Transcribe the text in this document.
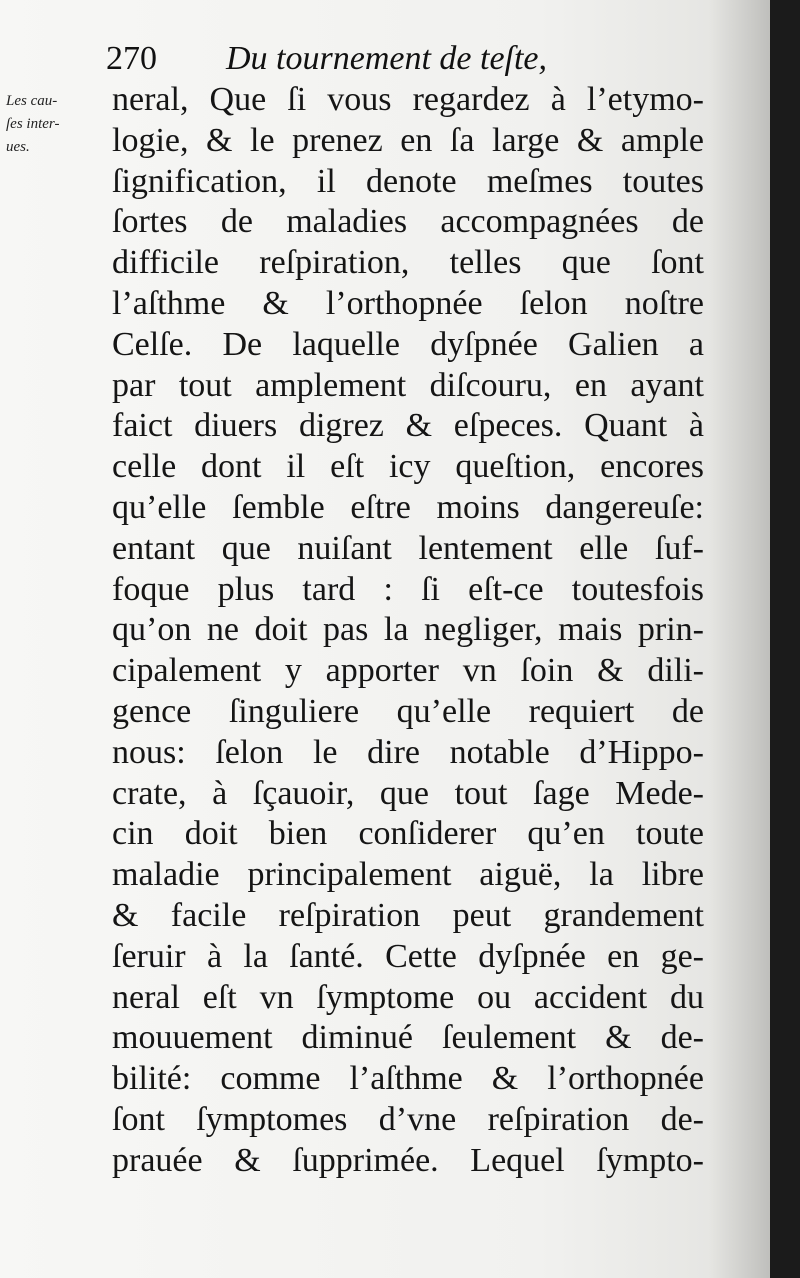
270 Du tournement de teſte,
Les cau-
ſes inter-
ues.
neral, Que ſi vous regardez à l’etymo-
logie, & le prenez en ſa large & ample
ſignification, il denote meſmes toutes
ſortes de maladies accompagnées de
difficile reſpiration, telles que ſont
l’aſthme & l’orthopnée ſelon noſtre
Celſe. De laquelle dyſpnée Galien a
par tout amplement diſcouru, en ayant
faict diuers digrez & eſpeces. Quant à
celle dont il eſt icy queſtion, encores
qu’elle ſemble eſtre moins dangereuſe:
entant que nuiſant lentement elle ſuf-
foque plus tard : ſi eſt-ce toutesfois
qu’on ne doit pas la negliger, mais prin-
cipalement y apporter vn ſoin & dili-
gence ſinguliere qu’elle requiert de
nous: ſelon le dire notable d’Hippo-
crate, à ſçauoir, que tout ſage Mede-
cin doit bien conſiderer qu’en toute
maladie principalement aiguë, la libre
& facile reſpiration peut grandement
ſeruir à la ſanté. Cette dyſpnée en ge-
neral eſt vn ſymptome ou accident du
mouuement diminué ſeulement & de-
bilité: comme l’aſthme & l’orthopnée
ſont ſymptomes d’vne reſpiration de-
prauée & ſupprimée. Lequel ſympto-
